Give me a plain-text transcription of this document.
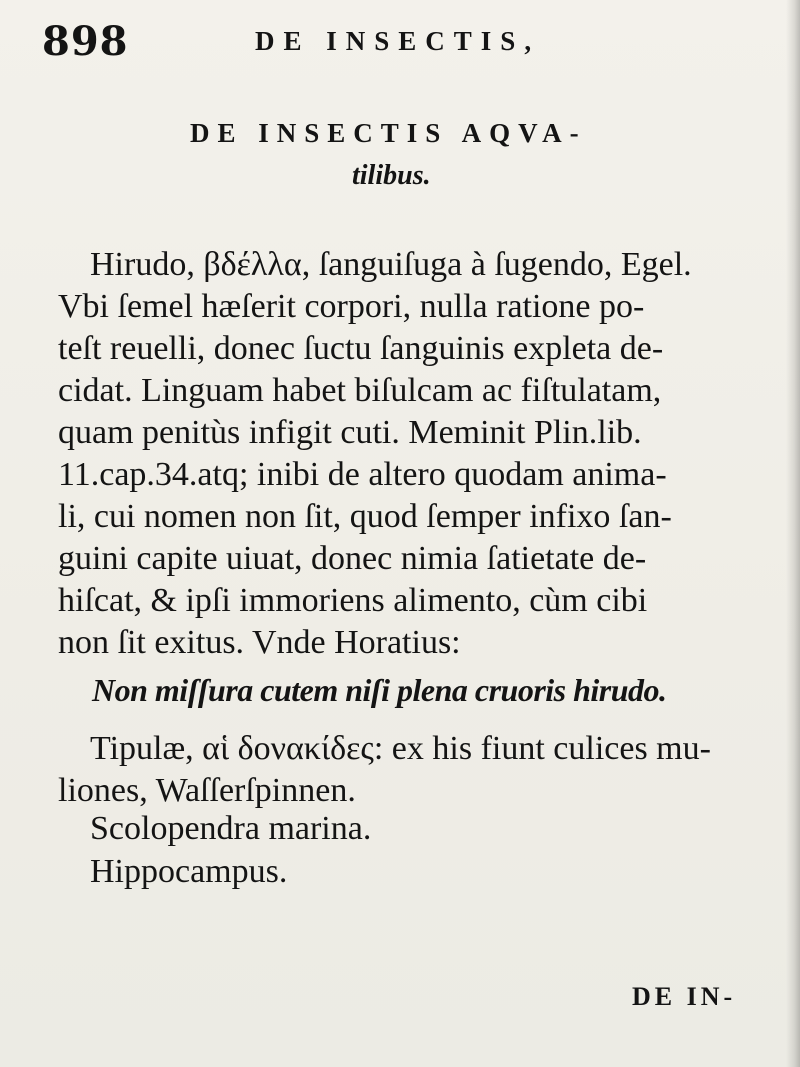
898	DE INSECTIS,
DE INSECTIS AQVA-
tilibus.
Hirudo, βδέλλα, ſanguiſuga à ſugendo, Egel.
Vbi ſemel hæſerit corpori, nulla ratione po-
teſt reuelli, donec ſuctu ſanguinis expleta de-
cidat. Linguam habet biſulcam ac fiſtulatam,
quam penitùs infigit cuti. Meminit Plin.lib.
11.cap.34.atq; inibi de altero quodam anima-
li, cui nomen non ſit, quod ſemper infixo ſan-
guini capite uiuat, donec nimia ſatietate de-
hiſcat, & ipſi immoriens alimento, cùm cibi
non ſit exitus. Vnde Horatius:
Non miſſura cutem niſi plena cruoris hirudo.
Tipulæ, αἱ δονακίδες: ex his fiunt culices mu-
liones, Waſſerſpinnen.
Scolopendra marina.
Hippocampus.
DE IN-
